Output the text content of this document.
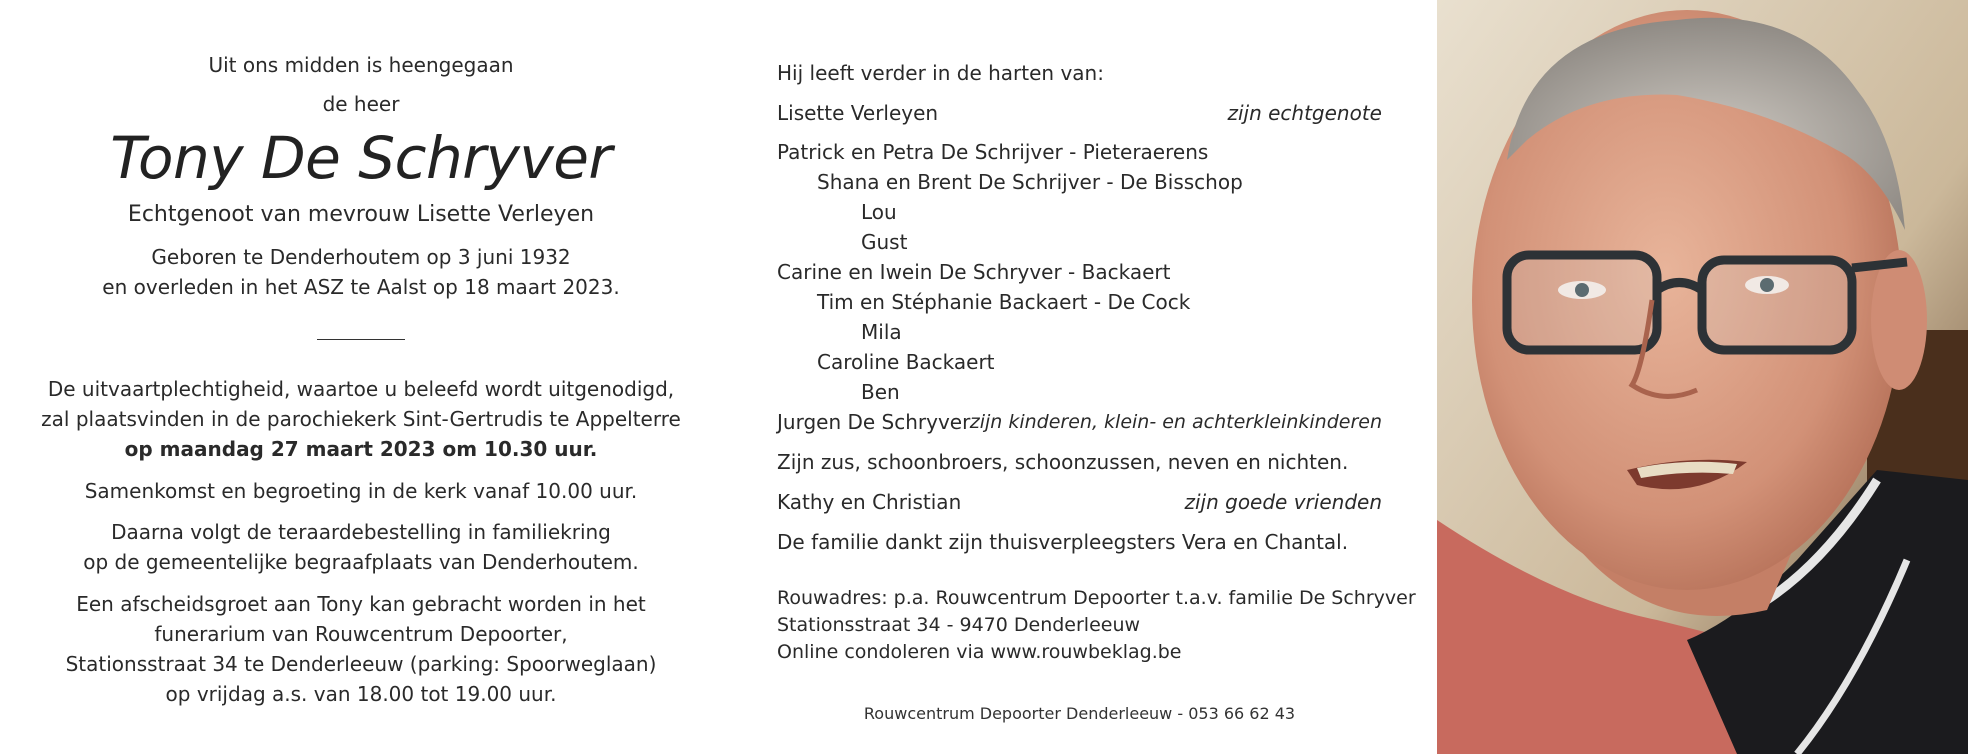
Uit ons midden is heengegaan
de heer
Tony De Schryver
Echtgenoot van mevrouw Lisette Verleyen
Geboren te Denderhoutem op 3 juni 1932
en overleden in het ASZ te Aalst op 18 maart 2023.
De uitvaartplechtigheid, waartoe u beleefd wordt uitgenodigd,
zal plaatsvinden in de parochiekerk Sint-Gertrudis te Appelterre
op maandag 27 maart 2023 om 10.30 uur.
Samenkomst en begroeting in de kerk vanaf 10.00 uur.
Daarna volgt de teraardebestelling in familiekring
op de gemeentelijke begraafplaats van Denderhoutem.
Een afscheidsgroet aan Tony kan gebracht worden in het
funerarium van Rouwcentrum Depoorter,
Stationsstraat 34 te Denderleeuw (parking: Spoorweglaan)
op vrijdag a.s. van 18.00 tot 19.00 uur.
Hij leeft verder in de harten van:
Lisette Verleyen	zijn echtgenote
Patrick en Petra De Schrijver - Pieteraerens
Shana en Brent De Schrijver - De Bisschop
Lou
Gust
Carine en Iwein De Schryver - Backaert
Tim en Stéphanie Backaert - De Cock
Mila
Caroline Backaert
Ben
Jurgen De Schryver zijn kinderen, klein- en achterkleinkinderen
Zijn zus, schoonbroers, schoonzussen, neven en nichten.
Kathy en Christian	zijn goede vrienden
De familie dankt zijn thuisverpleegsters Vera en Chantal.
Rouwadres: p.a. Rouwcentrum Depoorter t.a.v. familie De Schryver
Stationsstraat 34 - 9470 Denderleeuw
Online condoleren via www.rouwbeklag.be
Rouwcentrum Depoorter Denderleeuw - 053 66 62 43
